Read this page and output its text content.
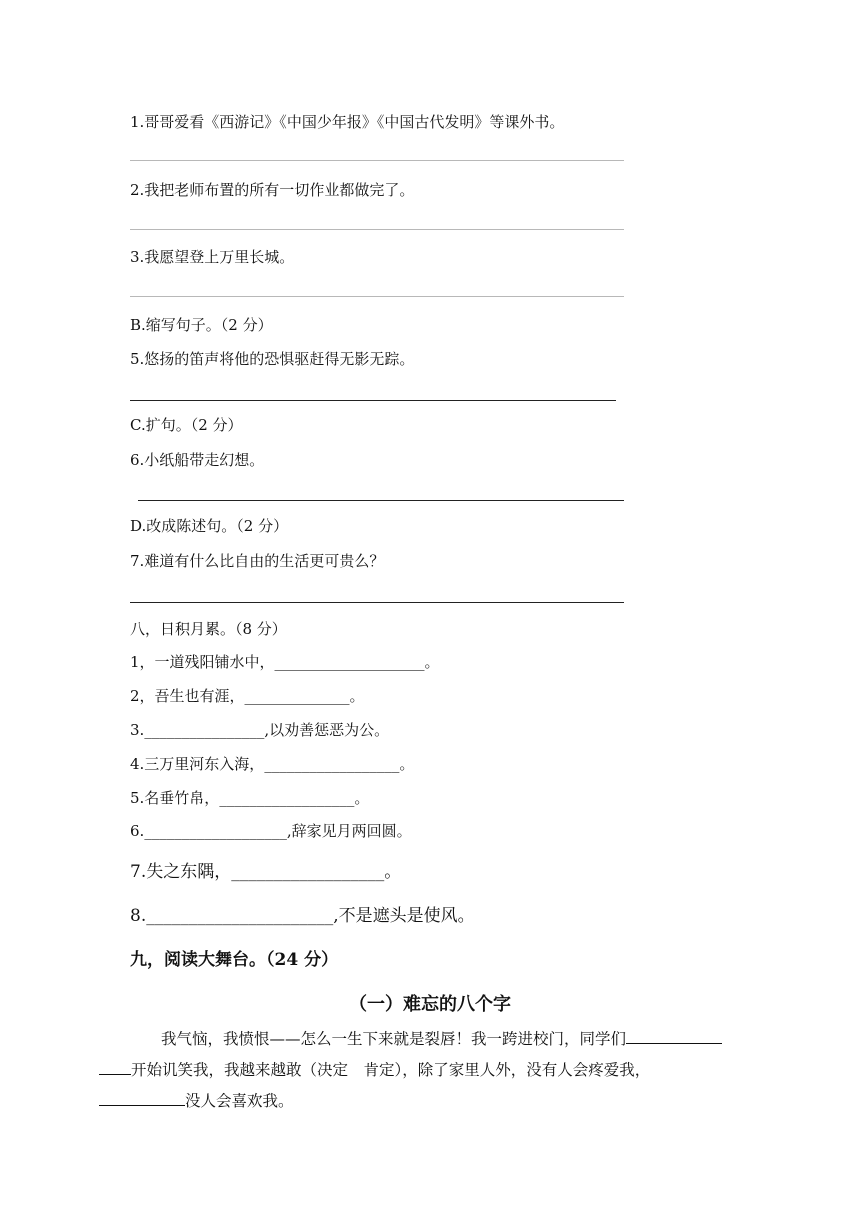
1.哥哥爱看《西游记》《中国少年报》《中国古代发明》等课外书。
2.我把老师布置的所有一切作业都做完了。
3.我愿望登上万里长城。
B.缩写句子。（2 分）
5.悠扬的笛声将他的恐惧驱赶得无影无踪。
C.扩句。（2 分）
6.小纸船带走幻想。
D.改成陈述句。（2 分）
7.难道有什么比自由的生活更可贵么？
八，日积月累。（8 分）
1，一道残阳铺水中，____________________。
2，吾生也有涯，______________。
3.________________,以劝善惩恶为公。
4.三万里河东入海，__________________。
5.名垂竹帛，__________________。
6.___________________,辞家见月两回圆。
7.失之东隅，__________________。
8.______________________,不是遮头是使风。
九，阅读大舞台。（24 分）
（一）难忘的八个字
我气恼，我愤恨——怎么一生下来就是裂唇！我一跨进校门，同学们
开始讥笑我，我越来越敢（决定　肯定），除了家里人外，没有人会疼爱我，
没人会喜欢我。
